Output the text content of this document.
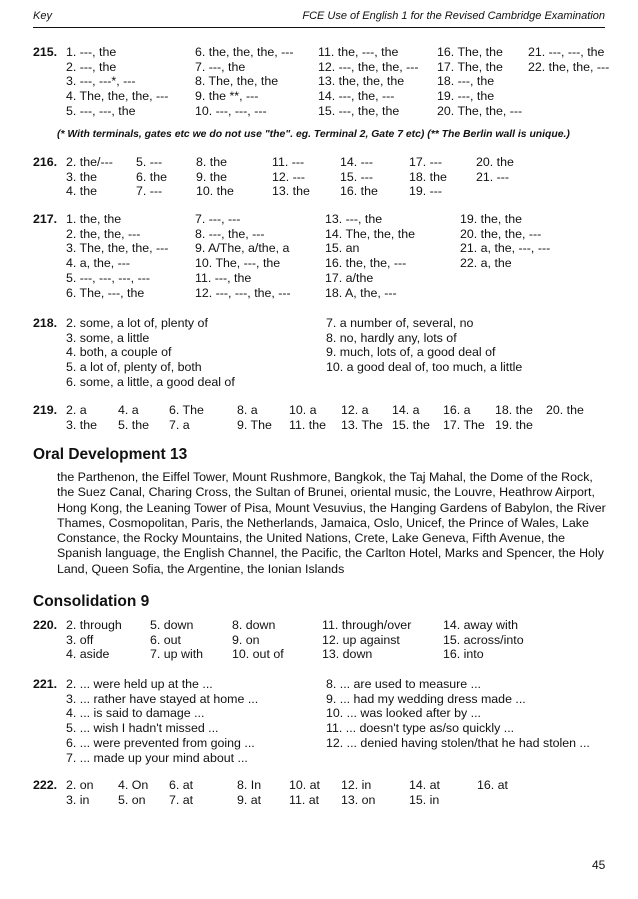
Key	FCE Use of English 1 for the Revised Cambridge Examination
215. 1. ---, the
2. ---, the
3. ---, ---*, ---
4. The, the, the, ---
5. ---, ---, the
6. the, the, the, ---
7. ---, the
8. The, the, the
9. the **, ---
10. ---, ---, ---
11. the, ---, the
12. ---, the, the, ---
13. the, the, the
14. ---, the, ---
15. ---, the, the
16. The, the
17. The, the
18. ---, the
19. ---, the
20. The, the, ---
21. ---, ---, the
22. the, the, ---
216. 2. the/---
3. the
4. the
5. ---
6. the
7. ---
8. the
9. the
10. the
11. ---
12. ---
13. the
14. ---
15. ---
16. the
17. ---
18. the
19. ---
20. the
21. ---
217. 1. the, the
2. the, the, ---
3. The, the, the, ---
4. a, the, ---
5. ---, ---, ---, ---
6. The, ---, the
7. ---, ---
8. ---, the, ---
9. A/The, a/the, a
10. The, ---, the
11. ---, the
12. ---, ---, the, ---
13. ---, the
14. The, the, the
15. an
16. the, the, ---
17. a/the
18. A, the, ---
19. the, the
20. the, the, ---
21. a, the, ---, ---
22. a, the
218. 2. some, a lot of, plenty of
3. some, a little
4. both, a couple of
5. a lot of, plenty of, both
6. some, a little, a good deal of
7. a number of, several, no
8. no, hardly any, lots of
9. much, lots of, a good deal of
10. a good deal of, too much, a little
219. 2. a
3. the
4. a
5. the
6. The
7. a
8. a
9. The
10. a
11. the
12. a
13. The
14. a
15. the
16. a
17. The
18. the
19. the
20. the
220. 2. through
3. off
4. aside
5. down
6. out
7. up with
8. down
9. on
10. out of
11. through/over
12. up against
13. down
14. away with
15. across/into
16. into
221. 2. ... were held up at the ...
3. ... rather have stayed at home ...
4. ... is said to damage ...
5. ... wish I hadn't missed ...
6. ... were prevented from going ...
7. ... made up your mind about ...
8. ... are used to measure ...
9. ... had my wedding dress made ...
10. ... was looked after by ...
11. ... doesn't type as/so quickly ...
12. ... denied having stolen/that he had stolen ...
222. 2. on
3. in
4. On
5. on
6. at
7. at
8. In
9. at
10. at
11. at
12. in
13. on
14. at
15. in
16. at
(* With terminals, gates etc we do not use "the". eg. Terminal 2, Gate 7 etc) (** The Berlin wall is unique.)
Oral Development 13
the Parthenon, the Eiffel Tower, Mount Rushmore, Bangkok, the Taj Mahal, the Dome of the Rock, the Suez Canal, Charing Cross, the Sultan of Brunei, oriental music, the Louvre, Heathrow Airport, Hong Kong, the Leaning Tower of Pisa, Mount Vesuvius, the Hanging Gardens of Babylon, the River Thames, Cosmopolitan, Paris, the Netherlands, Jamaica, Oslo, Unicef, the Prince of Wales, Lake Constance, the Rocky Mountains, the United Nations, Crete, Lake Geneva, Fifth Avenue, the Spanish language, the English Channel, the Pacific, the Carlton Hotel, Marks and Spencer, the Holy Land, Queen Sofia, the Argentine, the Ionian Islands
Consolidation 9
45
